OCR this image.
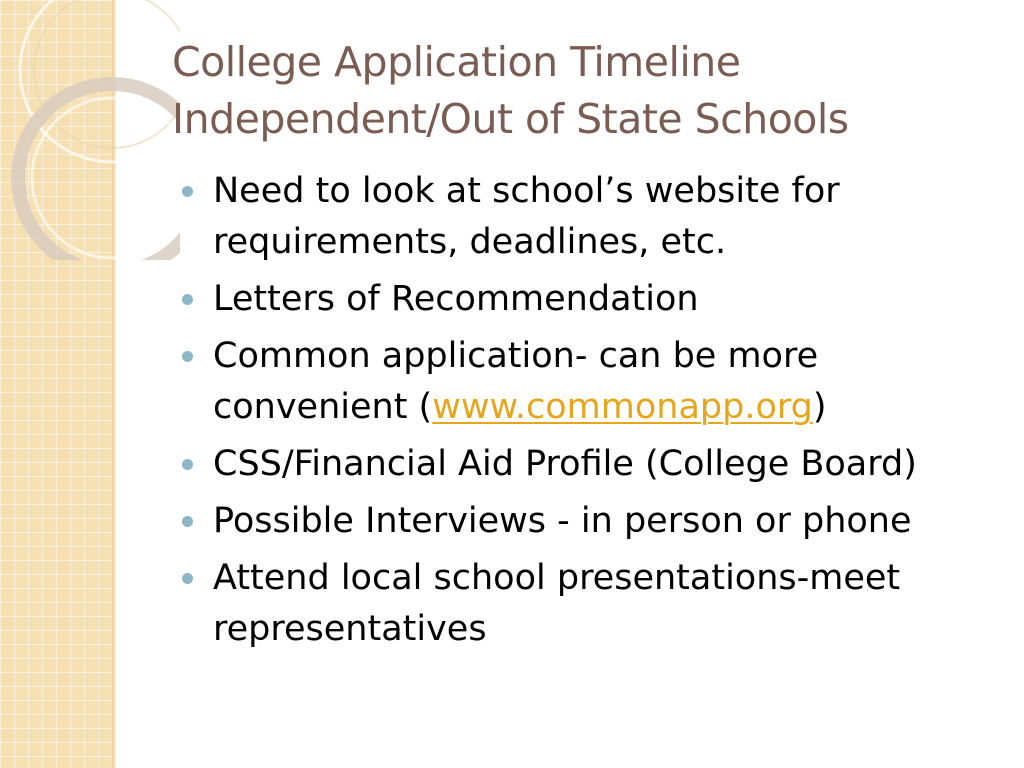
College Application Timeline
Independent/Out of State Schools
Need to look at school’s website for requirements, deadlines, etc.
Letters of Recommendation
Common application- can be more convenient (www.commonapp.org)
CSS/Financial Aid Profile (College Board)
Possible Interviews - in person or phone
Attend local school presentations-meet representatives
